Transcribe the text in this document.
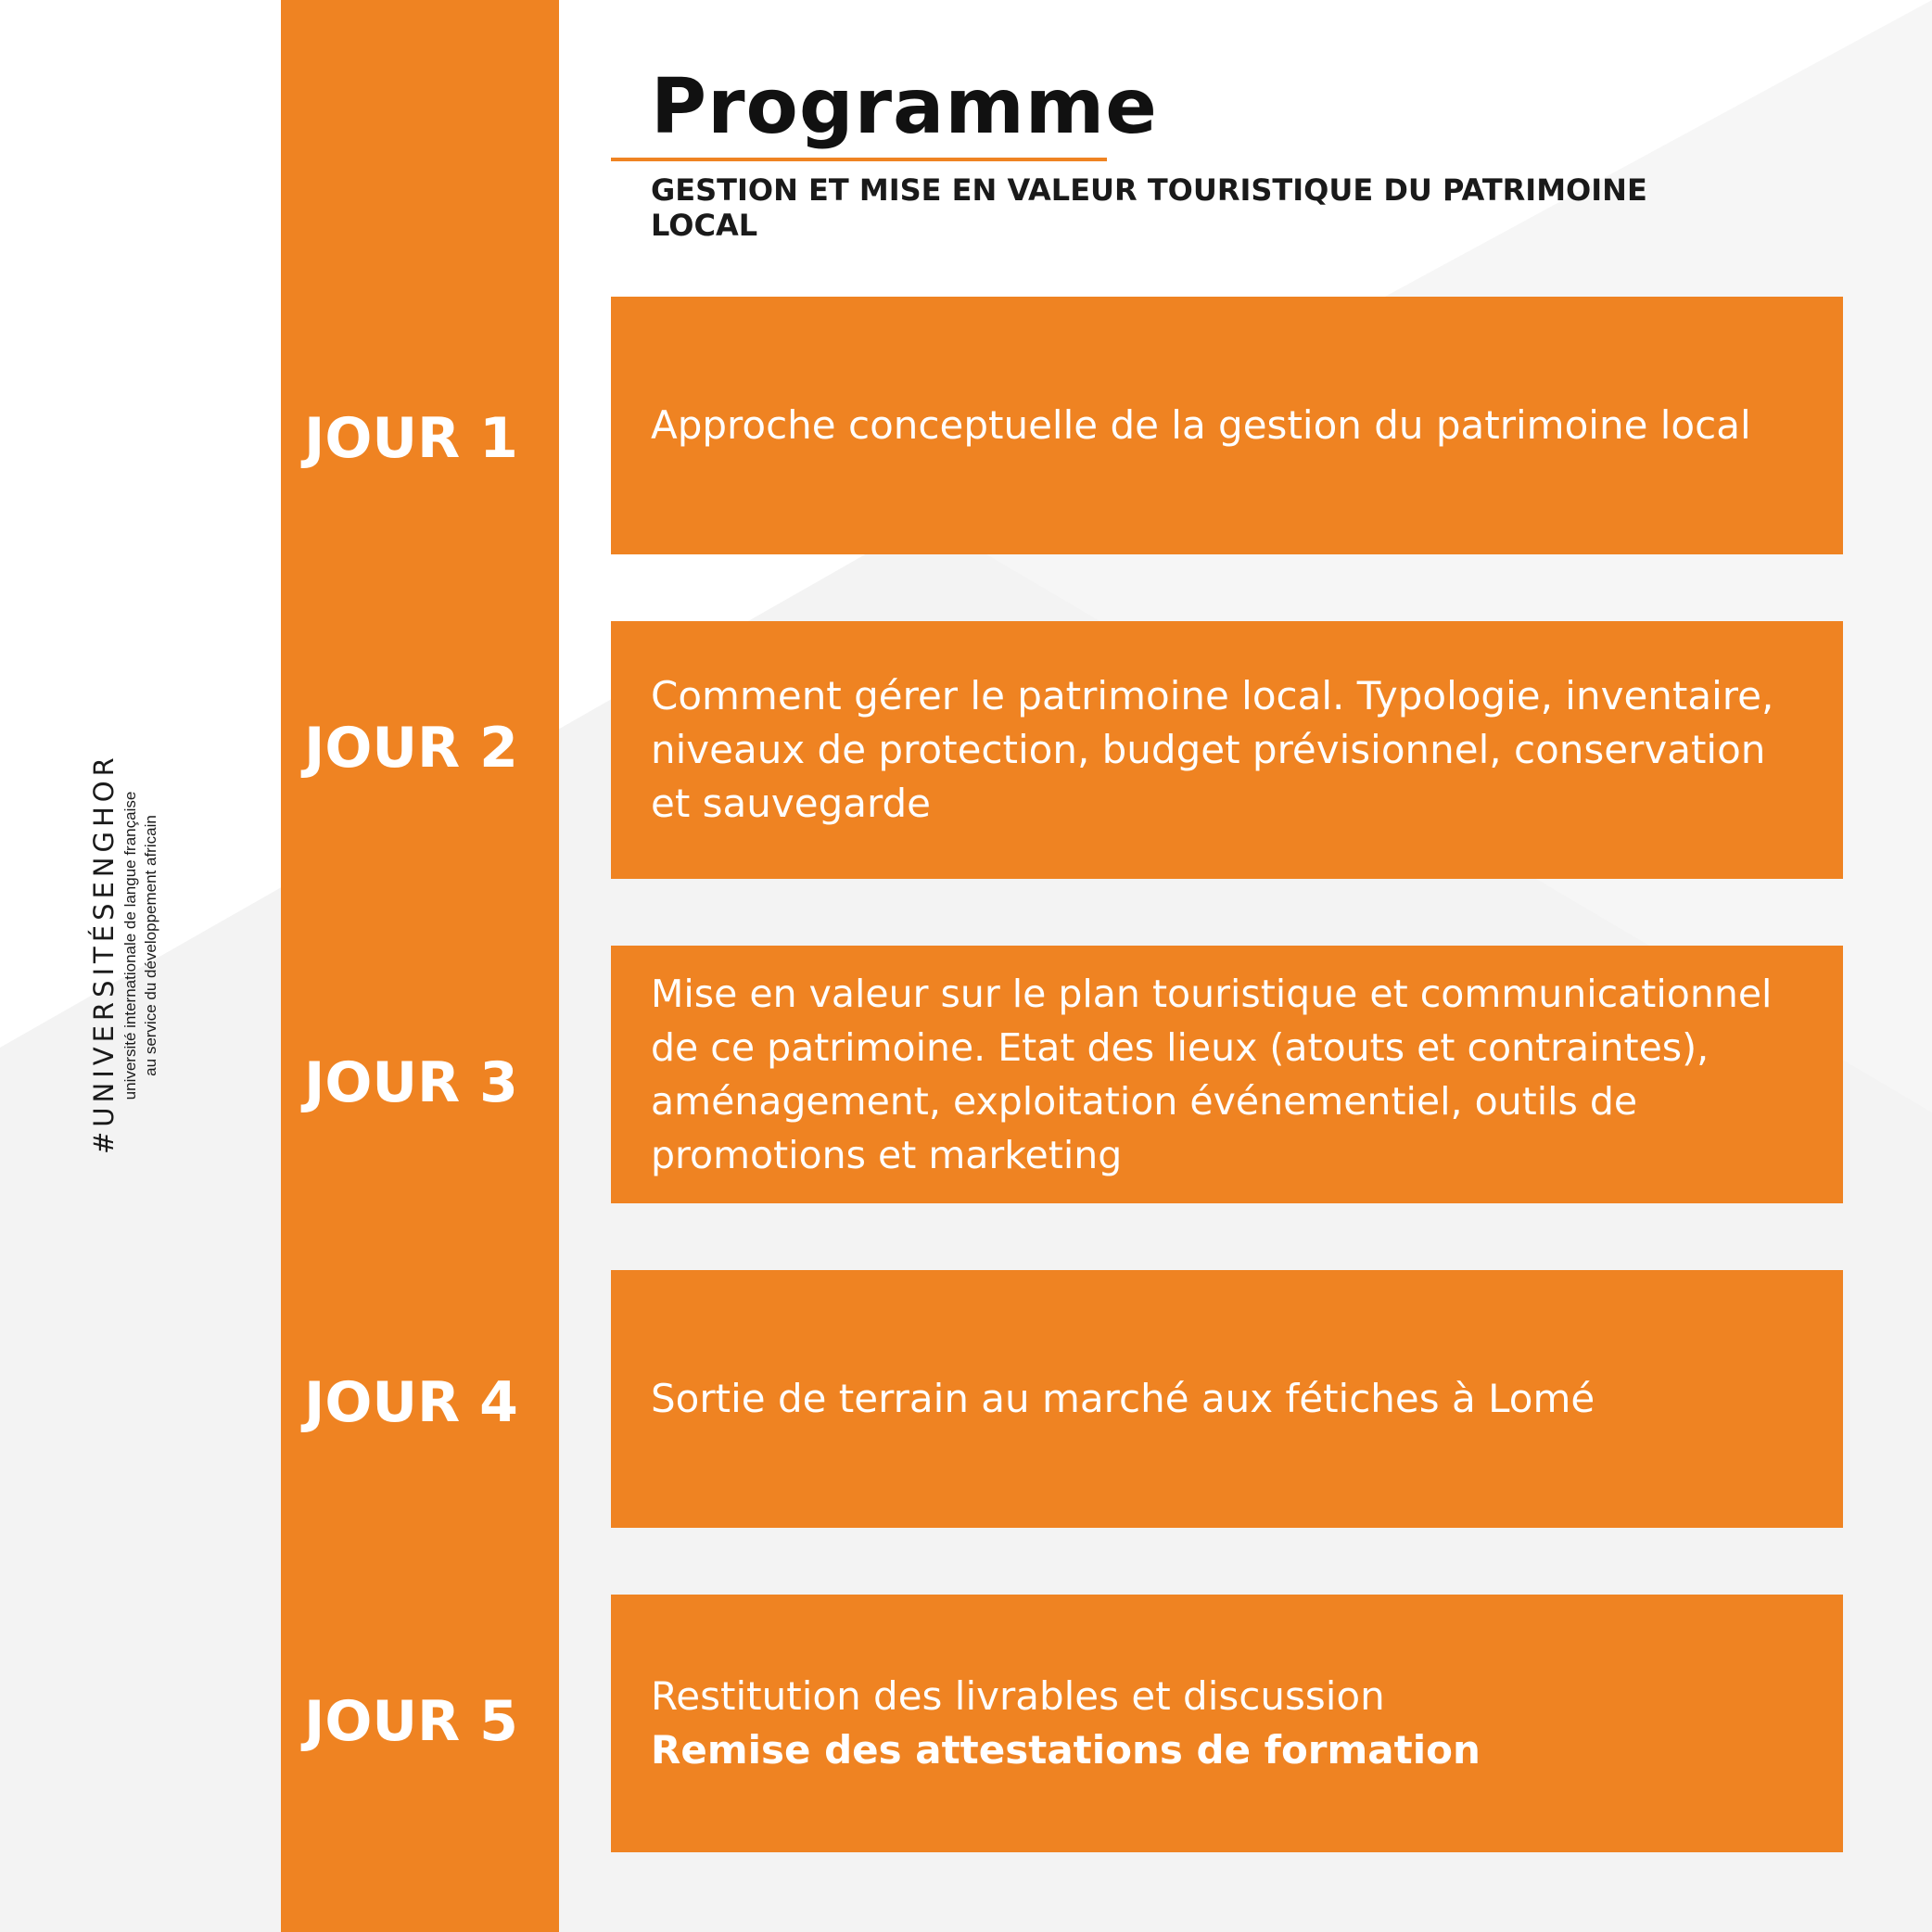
#UNIVERSITÉSENGHOR université internationale de langue française au service du développement africain
JOUR 1
JOUR 2
JOUR 3
JOUR 4
JOUR 5
Programme
GESTION ET MISE EN VALEUR TOURISTIQUE DU PATRIMOINE LOCAL
Approche conceptuelle de la gestion du patrimoine local
Comment gérer le patrimoine local. Typologie, inventaire, niveaux de protection, budget prévisionnel, conservation et sauvegarde
Mise en valeur sur le plan touristique et communicationnel de ce patrimoine. Etat des lieux (atouts et contraintes), aménagement, exploitation événementiel, outils de promotions et marketing
Sortie de terrain au marché aux fétiches à Lomé
Restitution des livrables et discussion
Remise des attestations de formation
